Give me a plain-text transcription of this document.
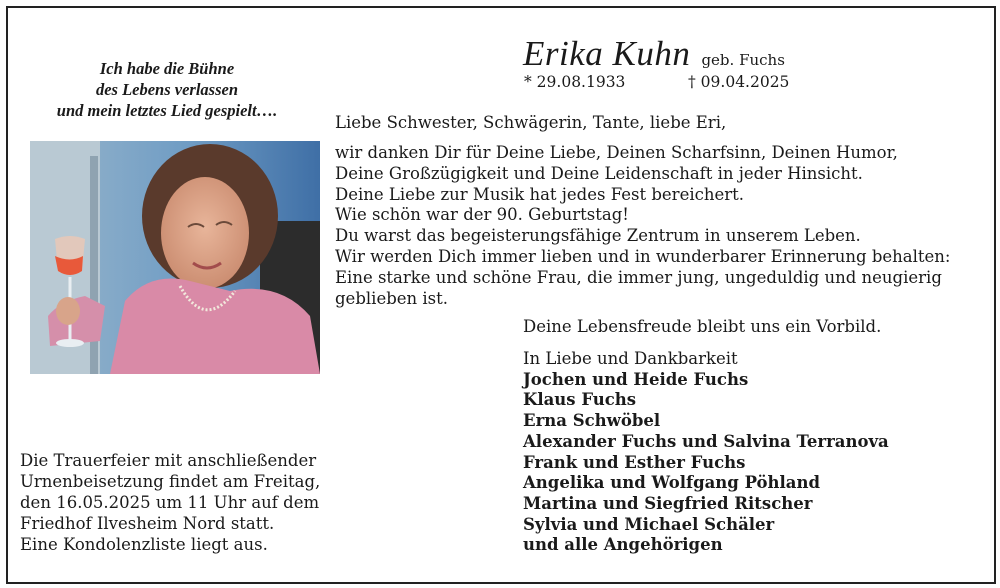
Ich habe die Bühne
des Lebens verlassen
und mein letztes Lied gespielt….
Erika Kuhn geb. Fuchs
* 29.08.1933	† 09.04.2025
Liebe Schwester, Schwägerin, Tante, liebe Eri,
wir danken Dir für Deine Liebe, Deinen Scharfsinn, Deinen Humor,
Deine Großzügigkeit und Deine Leidenschaft in jeder Hinsicht.
Deine Liebe zur Musik hat jedes Fest bereichert.
Wie schön war der 90. Geburtstag!
Du warst das begeisterungsfähige Zentrum in unserem Leben.
Wir werden Dich immer lieben und in wunderbarer Erinnerung behalten:
Eine starke und schöne Frau, die immer jung, ungeduldig und neugierig
geblieben ist.
Deine Lebensfreude bleibt uns ein Vorbild.
In Liebe und Dankbarkeit
Jochen und Heide Fuchs
Klaus Fuchs
Erna Schwöbel
Alexander Fuchs und Salvina Terranova
Frank und Esther Fuchs
Angelika und Wolfgang Pöhland
Martina und Siegfried Ritscher
Sylvia und Michael Schäler
und alle Angehörigen
Die Trauerfeier mit anschließender
Urnenbeisetzung findet am Freitag,
den 16.05.2025 um 11 Uhr auf dem
Friedhof Ilvesheim Nord statt.
Eine Kondolenzliste liegt aus.
